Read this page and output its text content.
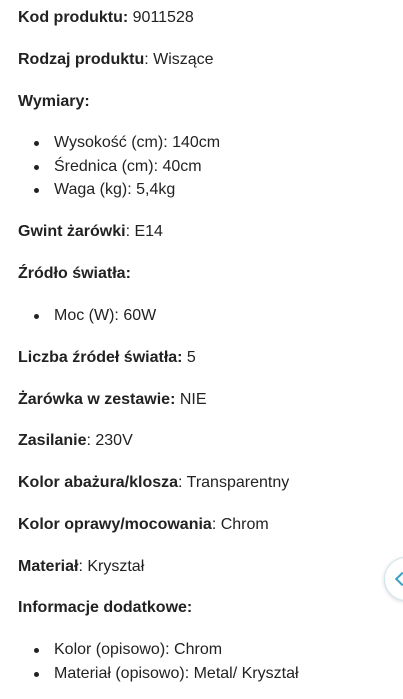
Kod produktu: 9011528
Rodzaj produktu: Wiszące
Wymiary:
Wysokość (cm): 140cm
Średnica (cm): 40cm
Waga (kg): 5,4kg
Gwint żarówki: E14
Źródło światła:
Moc (W): 60W
Liczba źródeł światła: 5
Żarówka w zestawie: NIE
Zasilanie: 230V
Kolor abażura/klosza: Transparentny
Kolor oprawy/mocowania: Chrom
Materiał: Kryształ
Informacje dodatkowe:
Kolor (opisowo): Chrom
Materiał (opisowo): Metal/ Kryształ
